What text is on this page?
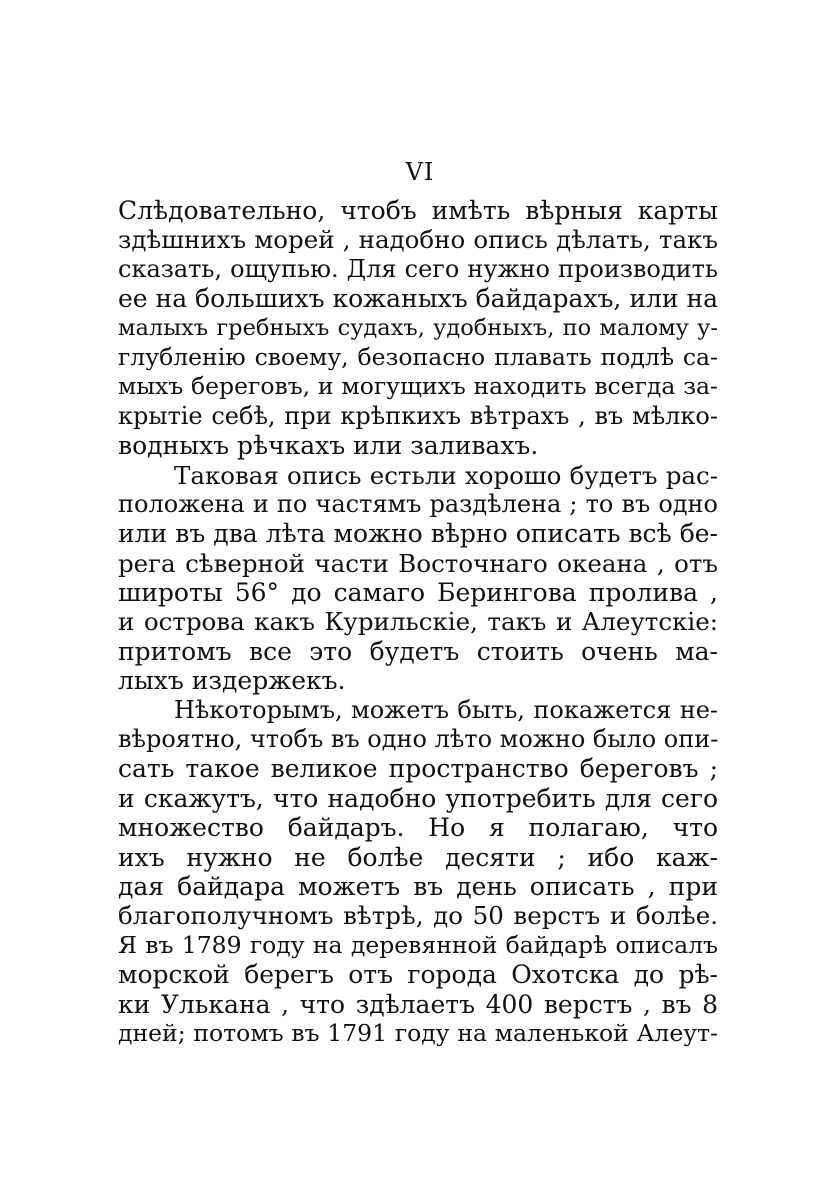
VI
Слѣдовательно, чтобъ имѣть вѣрныя карты
здѣшнихъ морей , надобно опись дѣлать, такъ
сказать, ощупью. Для сего нужно производить
ее на большихъ кожаныхъ байдарахъ, или на
малыхъ гребныхъ судахъ, удобныхъ, по малому у-
глубленію своему, безопасно плавать подлѣ са-
мыхъ береговъ, и могущихъ находить всегда за-
крытіе себѣ, при крѣпкихъ вѣтрахъ , въ мѣлко-
водныхъ рѣчкахъ или заливахъ.
Таковая опись естьли хорошо будетъ рас-
положена и по частямъ раздѣлена ; то въ одно
или въ два лѣта можно вѣрно описать всѣ бе-
рега сѣверной части Восточнаго океана , отъ
широты 56° до самаго Берингова пролива ,
и острова какъ Курильскіе, такъ и Алеутскіе:
притомъ все это будетъ стоить очень ма-
лыхъ издержекъ.
Нѣкоторымъ, можетъ быть, покажется не-
вѣроятно, чтобъ въ одно лѣто можно было опи-
сать такое великое пространство береговъ ;
и скажутъ, что надобно употребить для сего
множество байдаръ. Но я полагаю, что
ихъ нужно не болѣе десяти ; ибо каж-
дая байдара можетъ въ день описать , при
благополучномъ вѣтрѣ, до 50 верстъ и болѣе.
Я въ 1789 году на деревянной байдарѣ описалъ
морской берегъ отъ города Охотска до рѣ-
ки Улькана , что здѣлаетъ 400 верстъ , въ 8
дней; потомъ въ 1791 году на маленькой Алеут-
